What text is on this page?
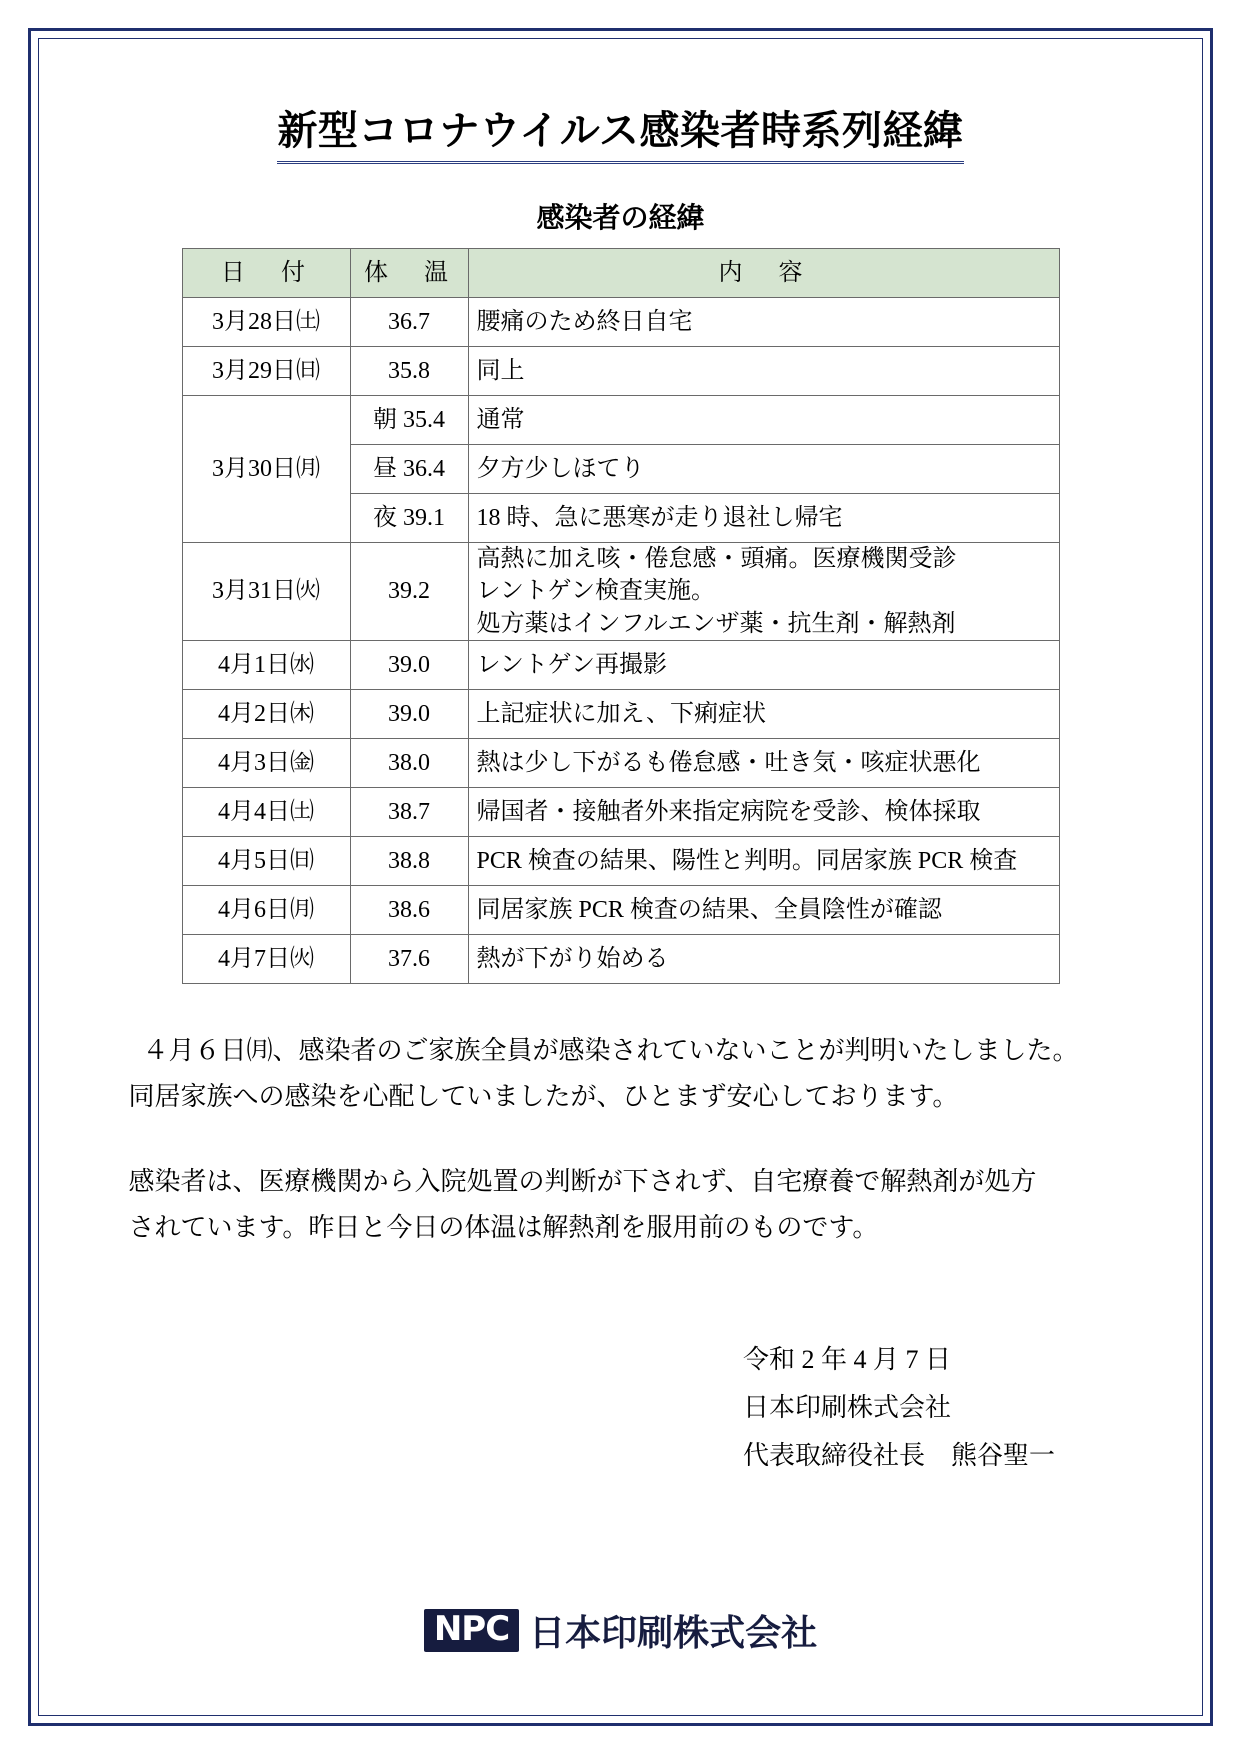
新型コロナウイルス感染者時系列経緯
感染者の経緯
日　付	体　温	内　容
3月28日㈯	36.7	腰痛のため終日自宅
3月29日㈰	35.8	同上
3月30日㈪	朝 35.4	通常
	昼 36.4	夕方少しほてり
	夜 39.1	18 時、急に悪寒が走り退社し帰宅
3月31日㈫	39.2	高熱に加え咳・倦怠感・頭痛。医療機関受診
レントゲン検査実施。
処方薬はインフルエンザ薬・抗生剤・解熱剤

4月1日㈬	39.0	レントゲン再撮影
4月2日㈭	39.0	上記症状に加え、下痢症状
4月3日㈮	38.0	熱は少し下がるも倦怠感・吐き気・咳症状悪化
4月4日㈯	38.7	帰国者・接触者外来指定病院を受診、検体採取
4月5日㈰	38.8	PCR 検査の結果、陽性と判明。同居家族 PCR 検査
4月6日㈪	38.6	同居家族 PCR 検査の結果、全員陰性が確認
4月7日㈫	37.6	熱が下がり始める

４月６日㈪、感染者のご家族全員が感染されていないことが判明いたしました。
同居家族への感染を心配していましたが、ひとまず安心しております。

感染者は、医療機関から入院処置の判断が下されず、自宅療養で解熱剤が処方
されています。昨日と今日の体温は解熱剤を服用前のものです。

令和 2 年 4 月 7 日
日本印刷株式会社
代表取締役社長　熊谷聖一
NPC 日本印刷株式会社
